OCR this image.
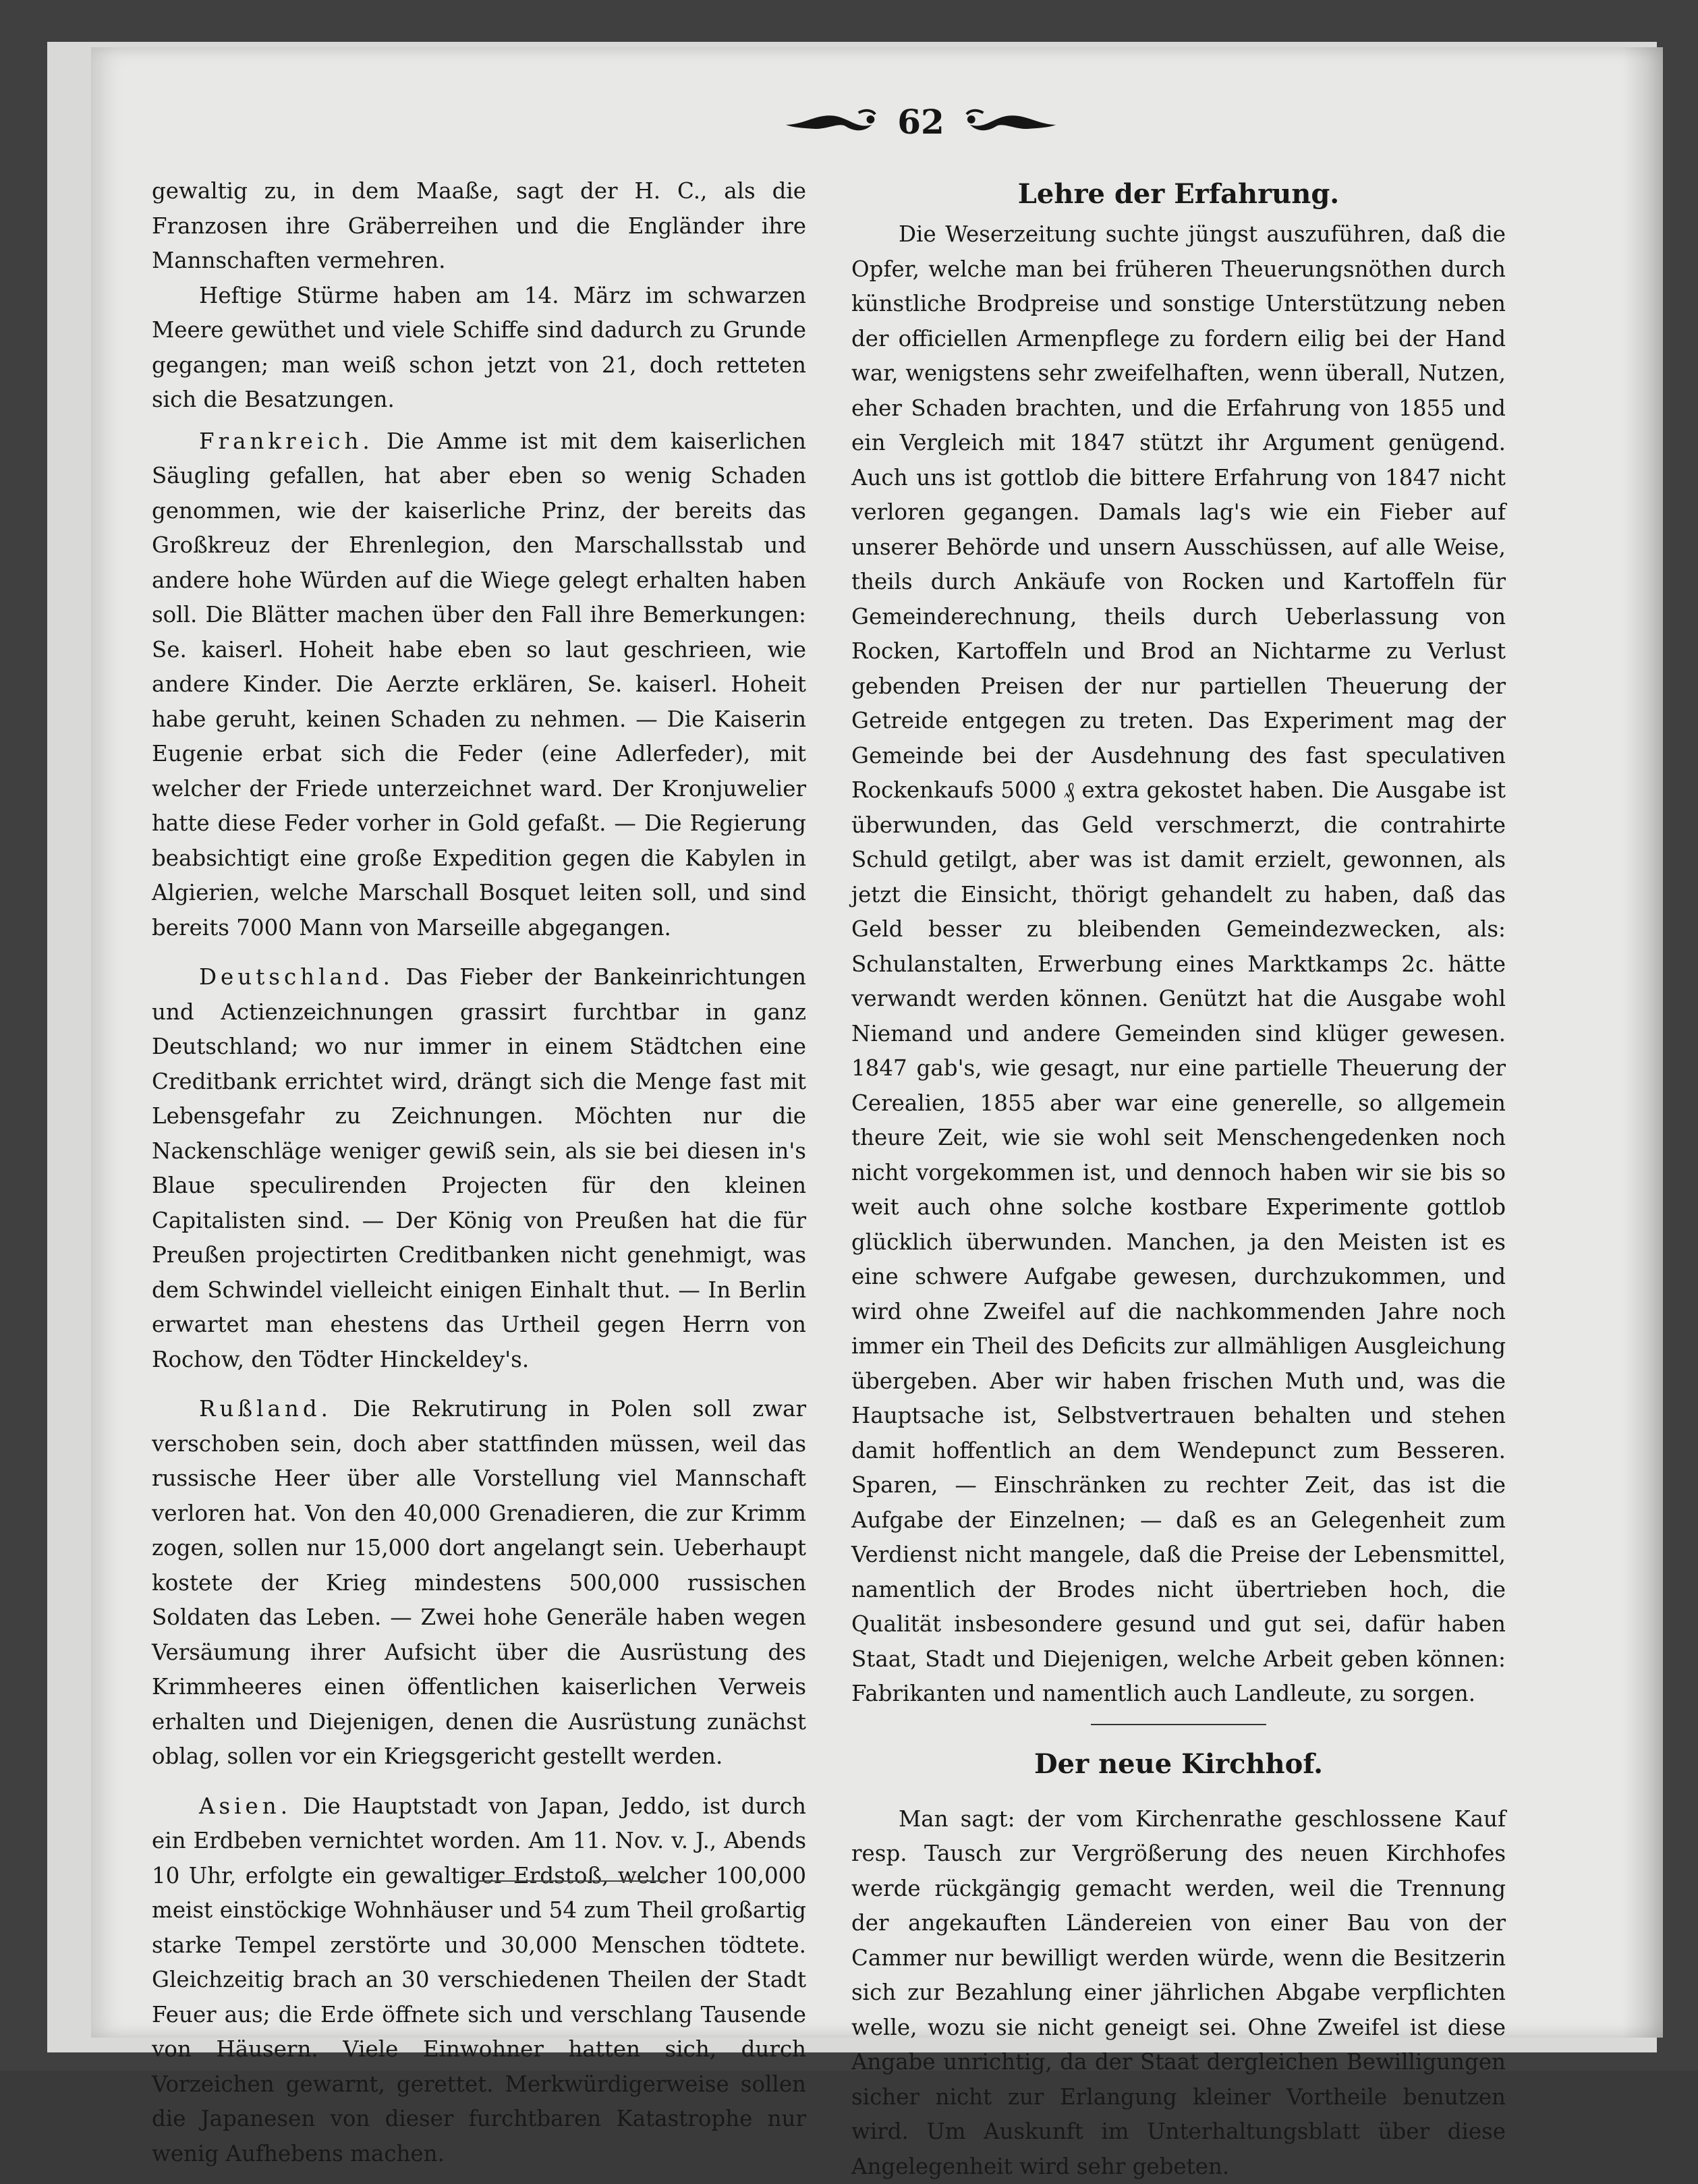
62

gewaltig zu, in dem Maaße, sagt der H. C., als die Franzosen ihre Gräberreihen und die Engländer ihre Mannschaften vermehren.

Heftige Stürme haben am 14. März im schwarzen Meere gewüthet und viele Schiffe sind dadurch zu Grunde gegangen; man weiß schon jetzt von 21, doch retteten sich die Besatzungen.

Frankreich. Die Amme ist mit dem kaiserlichen Säugling gefallen, hat aber eben so wenig Schaden genommen, wie der kaiserliche Prinz, der bereits das Großkreuz der Ehrenlegion, den Marschallsstab und andere hohe Würden auf die Wiege gelegt erhalten haben soll. Die Blätter machen über den Fall ihre Bemerkungen: Se. kaiserl. Hoheit habe eben so laut geschrieen, wie andere Kinder. Die Aerzte erklären, Se. kaiserl. Hoheit habe geruht, keinen Schaden zu nehmen. — Die Kaiserin Eugenie erbat sich die Feder (eine Adlerfeder), mit welcher der Friede unterzeichnet ward. Der Kronjuwelier hatte diese Feder vorher in Gold gefaßt. — Die Regierung beabsichtigt eine große Expedition gegen die Kabylen in Algierien, welche Marschall Bosquet leiten soll, und sind bereits 7000 Mann von Marseille abgegangen.

Deutschland. Das Fieber der Bankeinrichtungen und Actienzeichnungen grassirt furchtbar in ganz Deutschland; wo nur immer in einem Städtchen eine Creditbank errichtet wird, drängt sich die Menge fast mit Lebensgefahr zu Zeichnungen. Möchten nur die Nackenschläge weniger gewiß sein, als sie bei diesen in's Blaue speculirenden Projecten für den kleinen Capitalisten sind. — Der König von Preußen hat die für Preußen projectirten Creditbanken nicht genehmigt, was dem Schwindel vielleicht einigen Einhalt thut. — In Berlin erwartet man ehestens das Urtheil gegen Herrn von Rochow, den Tödter Hinckeldey's.

Rußland. Die Rekrutirung in Polen soll zwar verschoben sein, doch aber stattfinden müssen, weil das russische Heer über alle Vorstellung viel Mannschaft verloren hat. Von den 40,000 Grenadieren, die zur Krimm zogen, sollen nur 15,000 dort angelangt sein. Ueberhaupt kostete der Krieg mindestens 500,000 russischen Soldaten das Leben. — Zwei hohe Generäle haben wegen Versäumung ihrer Aufsicht über die Ausrüstung des Krimmheeres einen öffentlichen kaiserlichen Verweis erhalten und Diejenigen, denen die Ausrüstung zunächst oblag, sollen vor ein Kriegsgericht gestellt werden.

Asien. Die Hauptstadt von Japan, Jeddo, ist durch ein Erdbeben vernichtet worden. Am 11. Nov. v. J., Abends 10 Uhr, erfolgte ein gewaltiger Erdstoß, welcher 100,000 meist einstöckige Wohnhäuser und 54 zum Theil großartig starke Tempel zerstörte und 30,000 Menschen tödtete. Gleichzeitig brach an 30 verschiedenen Theilen der Stadt Feuer aus; die Erde öffnete sich und verschlang Tausende von Häusern. Viele Einwohner hatten sich, durch Vorzeichen gewarnt, gerettet. Merkwürdigerweise sollen die Japanesen von dieser furchtbaren Katastrophe nur wenig Aufhebens machen.

Lehre der Erfahrung.

Die Weserzeitung suchte jüngst auszuführen, daß die Opfer, welche man bei früheren Theuerungsnöthen durch künstliche Brodpreise und sonstige Unterstützung neben der officiellen Armenpflege zu fordern eilig bei der Hand war, wenigstens sehr zweifelhaften, wenn überall, Nutzen, eher Schaden brachten, und die Erfahrung von 1855 und ein Vergleich mit 1847 stützt ihr Argument genügend. Auch uns ist gottlob die bittere Erfahrung von 1847 nicht verloren gegangen. Damals lag's wie ein Fieber auf unserer Behörde und unsern Ausschüssen, auf alle Weise, theils durch Ankäufe von Rocken und Kartoffeln für Gemeinderechnung, theils durch Ueberlassung von Rocken, Kartoffeln und Brod an Nichtarme zu Verlust gebenden Preisen der nur partiellen Theuerung der Getreide entgegen zu treten. Das Experiment mag der Gemeinde bei der Ausdehnung des fast speculativen Rockenkaufs 5000 ₰ extra gekostet haben. Die Ausgabe ist überwunden, das Geld verschmerzt, die contrahirte Schuld getilgt, aber was ist damit erzielt, gewonnen, als jetzt die Einsicht, thörigt gehandelt zu haben, daß das Geld besser zu bleibenden Gemeindezwecken, als: Schulanstalten, Erwerbung eines Marktkamps 2c. hätte verwandt werden können. Genützt hat die Ausgabe wohl Niemand und andere Gemeinden sind klüger gewesen. 1847 gab's, wie gesagt, nur eine partielle Theuerung der Cerealien, 1855 aber war eine generelle, so allgemein theure Zeit, wie sie wohl seit Menschengedenken noch nicht vorgekommen ist, und dennoch haben wir sie bis so weit auch ohne solche kostbare Experimente gottlob glücklich überwunden. Manchen, ja den Meisten ist es eine schwere Aufgabe gewesen, durchzukommen, und wird ohne Zweifel auf die nachkommenden Jahre noch immer ein Theil des Deficits zur allmähligen Ausgleichung übergeben. Aber wir haben frischen Muth und, was die Hauptsache ist, Selbstvertrauen behalten und stehen damit hoffentlich an dem Wendepunct zum Besseren. Sparen, — Einschränken zu rechter Zeit, das ist die Aufgabe der Einzelnen; — daß es an Gelegenheit zum Verdienst nicht mangele, daß die Preise der Lebensmittel, namentlich der Brodes nicht übertrieben hoch, die Qualität insbesondere gesund und gut sei, dafür haben Staat, Stadt und Diejenigen, welche Arbeit geben können: Fabrikanten und namentlich auch Landleute, zu sorgen.

Der neue Kirchhof.

Man sagt: der vom Kirchenrathe geschlossene Kauf resp. Tausch zur Vergrößerung des neuen Kirchhofes werde rückgängig gemacht werden, weil die Trennung der angekauften Ländereien von einer Bau von der Cammer nur bewilligt werden würde, wenn die Besitzerin sich zur Bezahlung einer jährlichen Abgabe verpflichten welle, wozu sie nicht geneigt sei. Ohne Zweifel ist diese Angabe unrichtig, da der Staat dergleichen Bewilligungen sicher nicht zur Erlangung kleiner Vortheile benutzen wird. Um Auskunft im Unterhaltungsblatt über diese Angelegenheit wird sehr gebeten.
